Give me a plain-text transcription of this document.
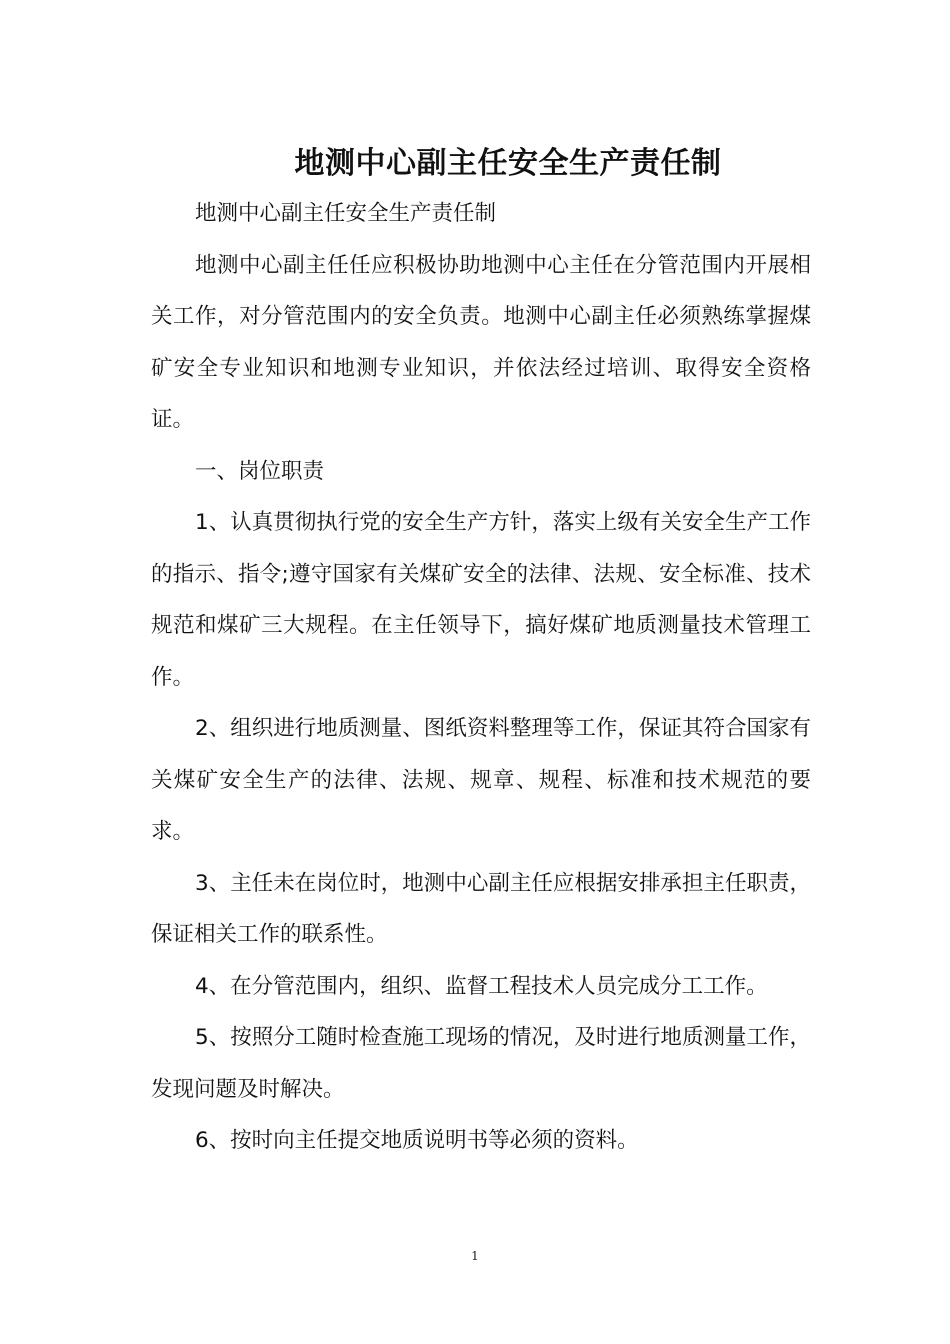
地测中心副主任安全生产责任制

地测中心副主任安全生产责任制

地测中心副主任任应积极协助地测中心主任在分管范围内开展相关工作，对分管范围内的安全负责。地测中心副主任必须熟练掌握煤矿安全专业知识和地测专业知识，并依法经过培训、取得安全资格证。

一、岗位职责

1、认真贯彻执行党的安全生产方针，落实上级有关安全生产工作的指示、指令;遵守国家有关煤矿安全的法律、法规、安全标准、技术规范和煤矿三大规程。在主任领导下，搞好煤矿地质测量技术管理工作。

2、组织进行地质测量、图纸资料整理等工作，保证其符合国家有关煤矿安全生产的法律、法规、规章、规程、标准和技术规范的要求。

3、主任未在岗位时，地测中心副主任应根据安排承担主任职责，保证相关工作的联系性。

4、在分管范围内，组织、监督工程技术人员完成分工工作。

5、按照分工随时检查施工现场的情况，及时进行地质测量工作，发现问题及时解决。

6、按时向主任提交地质说明书等必须的资料。

1
